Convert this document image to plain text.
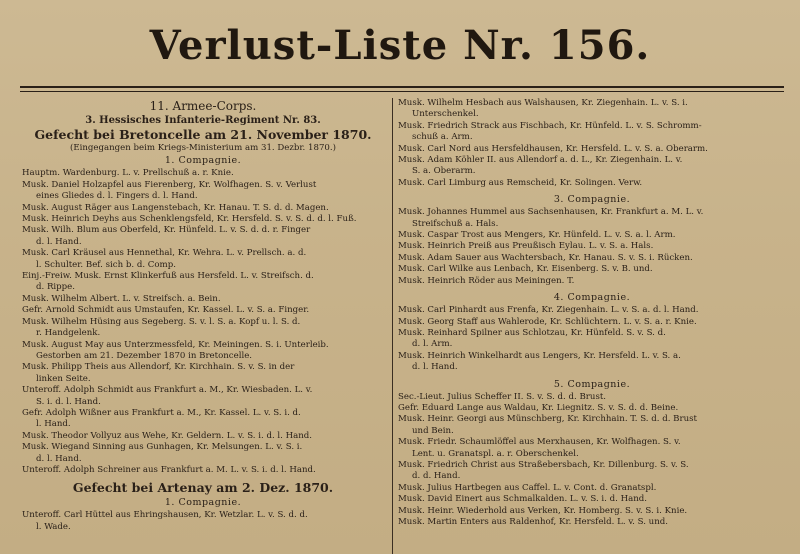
Verlust-Liste Nr. 156.
11. Armee-Corps.
3. Hessisches Infanterie-Regiment Nr. 83.
Gefecht bei Bretoncelle am 21. November 1870.
(Eingegangen beim Kriegs-Ministerium am 31. Dezbr. 1870.)
1. Compagnie.
Hauptm. Wardenburg. L. v. Prellschuß a. r. Knie.
Musk. Daniel Holzapfel aus Fierenberg, Kr. Wolfhagen. S. v. Verlust
eines Gliedes d. l. Fingers d. l. Hand.
Musk. August Räger aus Langenstebach, Kr. Hanau. T. S. d. d. Magen.
Musk. Heinrich Deyhs aus Schenklengsfeld, Kr. Hersfeld. S. v. S. d. d. l. Fuß.
Musk. Wilh. Blum aus Oberfeld, Kr. Hünfeld. L. v. S. d. d. r. Finger
d. l. Hand.
Musk. Carl Kräusel aus Hennethal, Kr. Wehra. L. v. Prellsch. a. d.
l. Schulter. Bef. sich b. d. Comp.
Einj.-Freiw. Musk. Ernst Klinkerfuß aus Hersfeld. L. v. Streifsch. d.
d. Rippe.
Musk. Wilhelm Albert. L. v. Streifsch. a. Bein.
Gefr. Arnold Schmidt aus Umstaufen, Kr. Kassel. L. v. S. a. Finger.
Musk. Wilhelm Hüsing aus Segeberg. S. v. l. S. a. Kopf u. l. S. d.
r. Handgelenk.
Musk. August May aus Unterzmessfeld, Kr. Meiningen. S. i. Unterleib.
Gestorben am 21. Dezember 1870 in Bretoncelle.
Musk. Philipp Theis aus Allendorf, Kr. Kirchhain. S. v. S. in der
linken Seite.
Unteroff. Adolph Schmidt aus Frankfurt a. M., Kr. Wiesbaden. L. v.
S. i. d. l. Hand.
Gefr. Adolph Wißner aus Frankfurt a. M., Kr. Kassel. L. v. S. i. d.
l. Hand.
Musk. Theodor Vollyuz aus Wehe, Kr. Geldern. L. v. S. i. d. l. Hand.
Musk. Wiegand Sinning aus Gunhagen, Kr. Melsungen. L. v. S. i.
d. l. Hand.
Unteroff. Adolph Schreiner aus Frankfurt a. M. L. v. S. i. d. l. Hand.
Gefecht bei Artenay am 2. Dez. 1870.
1. Compagnie.
Unteroff. Carl Hüttel aus Ehringshausen, Kr. Wetzlar. L. v. S. d. d.
l. Wade.
Musk. Wilhelm Hesbach aus Walshausen, Kr. Ziegenhain. L. v. S. i.
Unterschenkel.
Musk. Friedrich Strack aus Fischbach, Kr. Hünfeld. L. v. S. Schromm-
schuß a. Arm.
Musk. Carl Nord aus Hersfeldhausen, Kr. Hersfeld. L. v. S. a. Oberarm.
Musk. Adam Köhler II. aus Allendorf a. d. L., Kr. Ziegenhain. L. v.
S. a. Oberarm.
Musk. Carl Limburg aus Remscheid, Kr. Solingen. Verw.
3. Compagnie.
Musk. Johannes Hummel aus Sachsenhausen, Kr. Frankfurt a. M. L. v.
Streifschuß a. Hals.
Musk. Caspar Trost aus Mengers, Kr. Hünfeld. L. v. S. a. l. Arm.
Musk. Heinrich Preiß aus Preußisch Eylau. L. v. S. a. Hals.
Musk. Adam Sauer aus Wachtersbach, Kr. Hanau. S. v. S. i. Rücken.
Musk. Carl Wilke aus Lenbach, Kr. Eisenberg. S. v. B. und.
Musk. Heinrich Röder aus Meiningen. T.
4. Compagnie.
Musk. Carl Pinhardt aus Frenfa, Kr. Ziegenhain. L. v. S. a. d. l. Hand.
Musk. Georg Staff aus Wahlerode, Kr. Schlüchtern. L. v. S. a. r. Knie.
Musk. Reinhard Spilner aus Schlotzau, Kr. Hünfeld. S. v. S. d.
d. l. Arm.
Musk. Heinrich Winkelhardt aus Lengers, Kr. Hersfeld. L. v. S. a.
d. l. Hand.
5. Compagnie.
Sec.-Lieut. Julius Scheffer II. S. v. S. d. d. Brust.
Gefr. Eduard Lange aus Waldau, Kr. Liegnitz. S. v. S. d. d. Beine.
Musk. Heinr. Georgi aus Münschberg, Kr. Kirchhain. T. S. d. d. Brust
und Bein.
Musk. Friedr. Schaumlöffel aus Merxhausen, Kr. Wolfhagen. S. v.
Lent. u. Granatspl. a. r. Oberschenkel.
Musk. Friedrich Christ aus Straßebersbach, Kr. Dillenburg. S. v. S.
d. d. Hand.
Musk. Julius Hartbegen aus Caffel. L. v. Cont. d. Granatspl.
Musk. David Einert aus Schmalkalden. L. v. S. i. d. Hand.
Musk. Heinr. Wiederhold aus Verken, Kr. Homberg. S. v. S. i. Knie.
Musk. Martin Enters aus Raldenhof, Kr. Hersfeld. L. v. S. und.
